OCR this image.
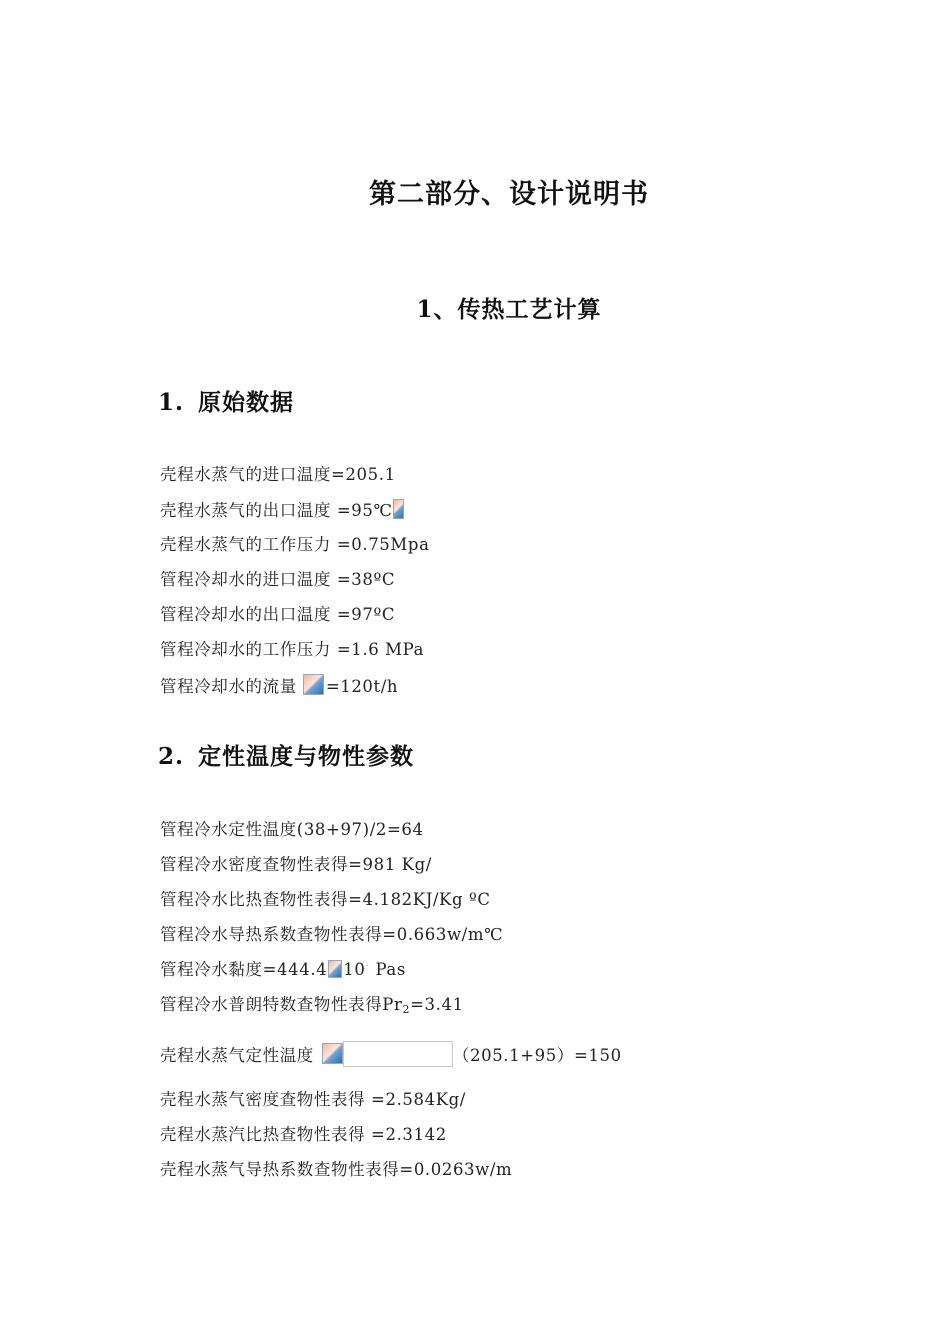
第二部分、设计说明书
1、传热工艺计算
1. 原始数据
壳程水蒸气的进口温度=205.1
壳程水蒸气的出口温度 =95℃
壳程水蒸气的工作压力 =0.75Mpa
管程冷却水的进口温度 =38ºC
管程冷却水的出口温度 =97ºC
管程冷却水的工作压力 =1.6 MPa
管程冷却水的流量 =120t/h
2. 定性温度与物性参数
管程冷水定性温度(38+97)/2=64
管程冷水密度查物性表得=981 Kg/
管程冷水比热查物性表得=4.182KJ/Kg ºC
管程冷水导热系数查物性表得=0.663w/m℃
管程冷水黏度=444.4 10⁻ Pas
管程冷水普朗特数查物性表得Pr2=3.41
壳程水蒸气定性温度	（205.1+95）=150
壳程水蒸气密度查物性表得 =2.584Kg/
壳程水蒸汽比热查物性表得 =2.3142
壳程水蒸气导热系数查物性表得=0.0263w/m
